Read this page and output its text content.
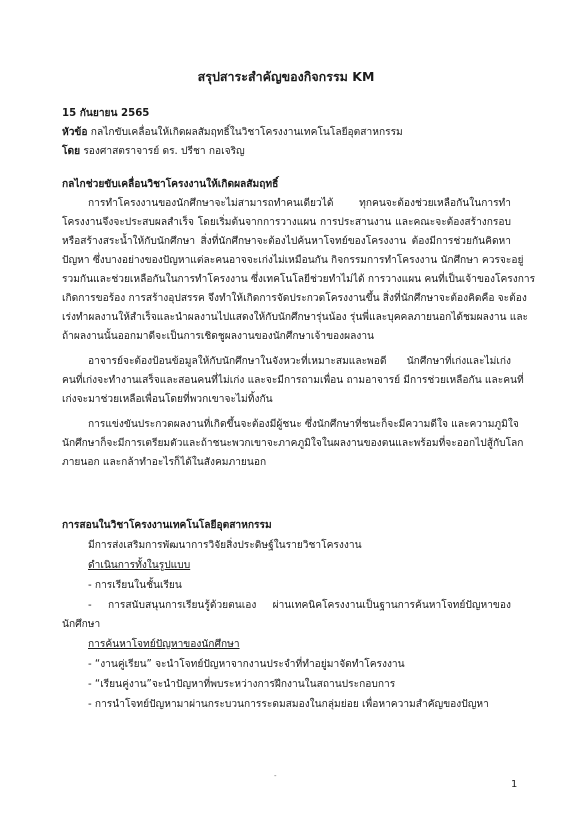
สรุปสาระสำคัญของกิจกรรม KM
15 กันยายน 2565
หัวข้อ กลไกขับเคลื่อนให้เกิดผลสัมฤทธิ์ในวิชาโครงงานเทคโนโลยีอุตสาหกรรม
โดย รองศาสตราจารย์ ดร. ปรีชา กอเจริญ
กลไกช่วยขับเคลื่อนวิชาโครงงานให้เกิดผลสัมฤทธิ์
การทำโครงงานของนักศึกษาจะไม่สามารถทำคนเดียวได้ ทุกคนจะต้องช่วยเหลือกันในการทำ
โครงงานจึงจะประสบผลสำเร็จ โดยเริ่มต้นจากการวางแผน การประสานงาน และคณะจะต้องสร้างกรอบ
หรือสร้างสระน้ำให้กับนักศึกษา สิ่งที่นักศึกษาจะต้องไปค้นหาโจทย์ของโครงงาน ต้องมีการช่วยกันคิดหา
ปัญหา ซึ่งบางอย่างของปัญหาแต่ละคนอาจจะเก่งไม่เหมือนกัน กิจกรรมการทำโครงงาน นักศึกษา ควรจะอยู่
รวมกันและช่วยเหลือกันในการทำโครงงาน ซึ่งเทคโนโลยีช่วยทำไม่ได้ การวางแผน คนที่เป็นเจ้าของโครงการ
เกิดการขอร้อง การสร้างอุปสรรค จึงทำให้เกิดการจัดประกวดโครงงานขึ้น สิ่งที่นักศึกษาจะต้องคิดคือ จะต้อง
เร่งทำผลงานให้สำเร็จและนำผลงานไปแสดงให้กับนักศึกษารุ่นน้อง รุ่นพี่และบุคคลภายนอกได้ชมผลงาน และ
ถ้าผลงานนั้นออกมาดีจะเป็นการเชิดชูผลงานของนักศึกษาเจ้าของผลงาน
อาจารย์จะต้องป้อนข้อมูลให้กับนักศึกษาในจังหวะที่เหมาะสมและพอดี นักศึกษาที่เก่งและไม่เก่ง
คนที่เก่งจะทำงานเสร็จและสอนคนที่ไม่เก่ง และจะมีการถามเพื่อน ถามอาจารย์ มีการช่วยเหลือกัน และคนที่
เก่งจะมาช่วยเหลือเพื่อนโดยที่พวกเขาจะไม่ทิ้งกัน
การแข่งขันประกวดผลงานที่เกิดขึ้นจะต้องมีผู้ชนะ ซึ่งนักศึกษาที่ชนะก็จะมีความดีใจ และความภูมิใจ
นักศึกษาก็จะมีการเตรียมตัวและถ้าชนะพวกเขาจะภาคภูมิใจในผลงานของตนและพร้อมที่จะออกไปสู้กับโลก
ภายนอก และกล้าทำอะไรก็ได้ในสังคมภายนอก
การสอนในวิชาโครงงานเทคโนโลยีอุตสาหกรรม
มีการส่งเสริมการพัฒนาการวิจัยสิ่งประดิษฐ์ในรายวิชาโครงงาน
ดำเนินการทั้งในรูปแบบ
- การเรียนในชั้นเรียน
- การสนับสนุนการเรียนรู้ด้วยตนเอง ผ่านเทคนิคโครงงานเป็นฐานการค้นหาโจทย์ปัญหาของ
นักศึกษา
การค้นหาโจทย์ปัญหาของนักศึกษา
- “งานคู่เรียน” จะนำโจทย์ปัญหาจากงานประจำที่ทำอยู่มาจัดทำโครงงาน
- “เรียนคู่งาน”จะนำปัญหาที่พบระหว่างการฝึกงานในสถานประกอบการ
- การนำโจทย์ปัญหามาผ่านกระบวนการระดมสมองในกลุ่มย่อย เพื่อหาความสำคัญของปัญหา
-
1
